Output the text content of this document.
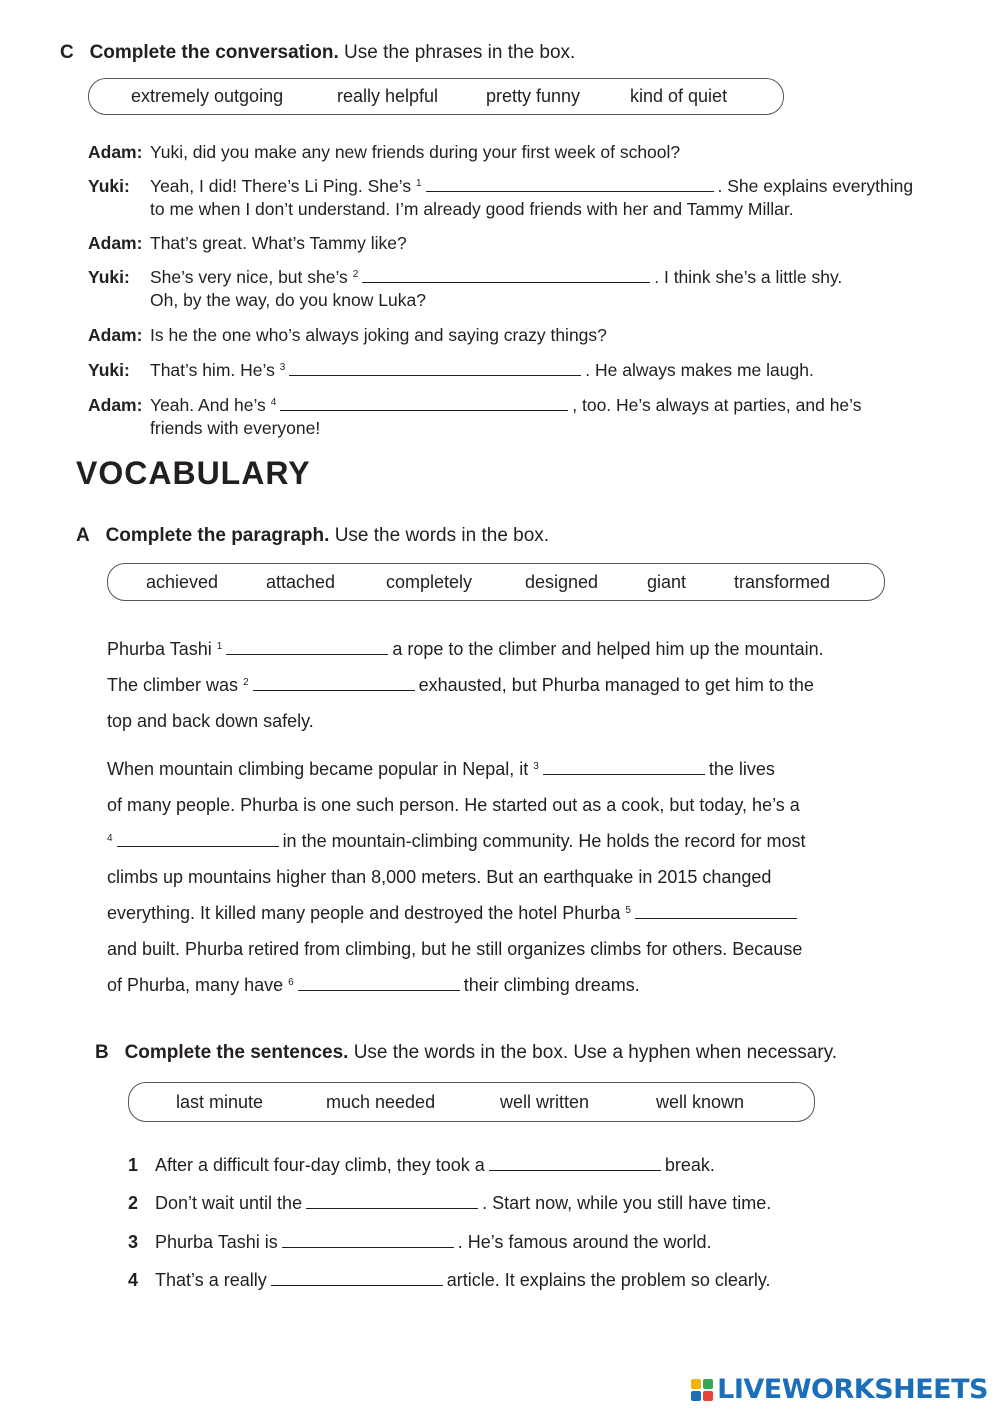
C Complete the conversation. Use the phrases in the box.
extremely outgoing	really helpful	pretty funny	kind of quiet
Adam: Yuki, did you make any new friends during your first week of school?
Yuki: Yeah, I did! There’s Li Ping. She’s $^1$	. She explains everything
to me when I don’t understand. I’m already good friends with her and Tammy Millar.
Adam: That’s great. What’s Tammy like?
Yuki: She’s very nice, but she’s $^2$	. I think she’s a little shy.
Oh, by the way, do you know Luka?
Adam: Is he the one who’s always joking and saying crazy things?
Yuki: That’s him. He’s $^3$	. He always makes me laugh.
Adam: Yeah. And he’s $^4$	, too. He’s always at parties, and he’s
friends with everyone!
VOCABULARY
A Complete the paragraph. Use the words in the box.
achieved	attached	completely	designed	giant	transformed
Phurba Tashi $^1$	a rope to the climber and helped him up the mountain.
The climber was $^2$	exhausted, but Phurba managed to get him to the
top and back down safely.
When mountain climbing became popular in Nepal, it $^3$	the lives
of many people. Phurba is one such person. He started out as a cook, but today, he’s a
$^4$	in the mountain-climbing community. He holds the record for most
climbs up mountains higher than 8,000 meters. But an earthquake in 2015 changed
everything. It killed many people and destroyed the hotel Phurba $^5$
and built. Phurba retired from climbing, but he still organizes climbs for others. Because
of Phurba, many have $^6$	their climbing dreams.
B Complete the sentences. Use the words in the box. Use a hyphen when necessary.
last minute	much needed	well written	well known
1 After a difficult four-day climb, they took a	break.
2 Don’t wait until the	. Start now, while you still have time.
3 Phurba Tashi is	. He’s famous around the world.
4 That’s a really	article. It explains the problem so clearly.
LIVEWORKSHEETS
